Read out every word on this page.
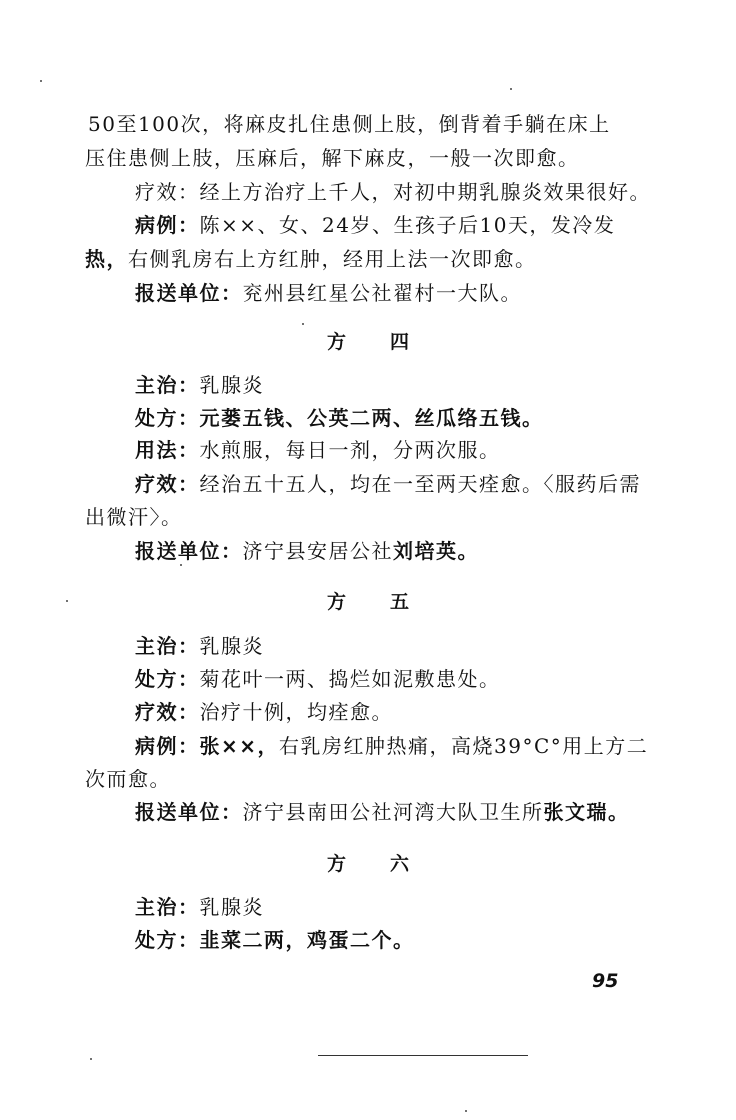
50至100次，将麻皮扎住患侧上肢，倒背着手躺在床上
压住患侧上肢，压麻后，解下麻皮，一般一次即愈。
疗效：经上方治疗上千人，对初中期乳腺炎效果很好。
病例：陈××、女、24岁、生孩子后10天，发冷发
热，右侧乳房右上方红肿，经用上法一次即愈。
报送单位：兖州县红星公社翟村一大队。
方 四
主治：乳腺炎
处方：元蒌五钱、公英二两、丝瓜络五钱。
用法：水煎服，每日一剂，分两次服。
疗效：经治五十五人，均在一至两天痊愈。〈服药后需
出微汗〉。
报送单位：济宁县安居公社刘培英。
方 五
主治：乳腺炎
处方：菊花叶一两、捣烂如泥敷患处。
疗效：治疗十例，均痊愈。
病例：张××，右乳房红肿热痛，高烧39°C°用上方二
次而愈。
报送单位：济宁县南田公社河湾大队卫生所张文瑞。
方 六
主治：乳腺炎
处方：韭菜二两，鸡蛋二个。
95
